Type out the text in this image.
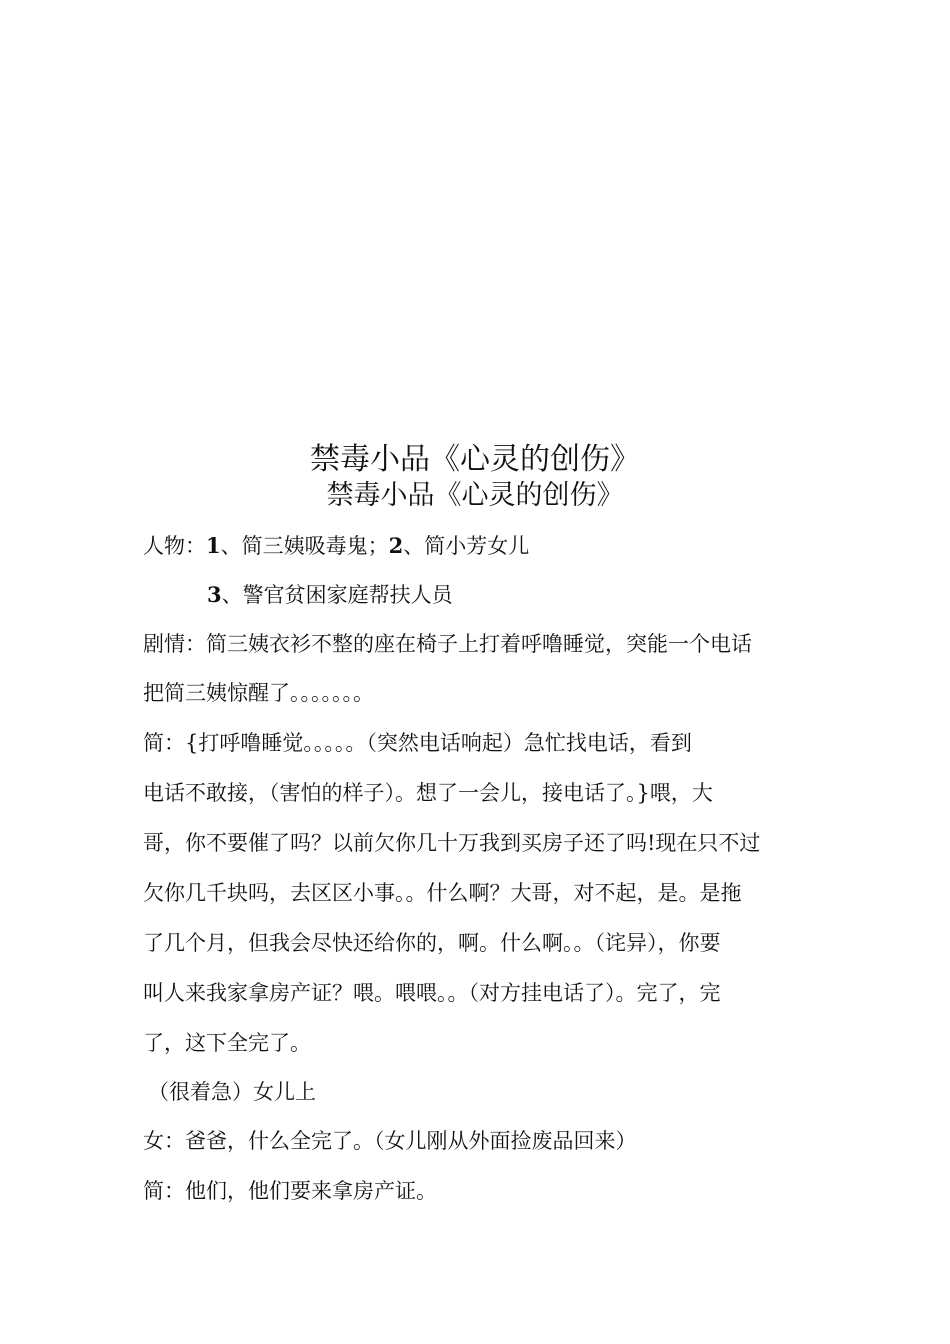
禁毒小品《心灵的创伤》
禁毒小品《心灵的创伤》
人物：1、简三姨吸毒鬼；2、简小芳女儿
3、警官贫困家庭帮扶人员
剧情：简三姨衣衫不整的座在椅子上打着呼噜睡觉，突能一个电话
把简三姨惊醒了。。。。。。。
简：{打呼噜睡觉。。。。。（突然电话响起）急忙找电话，看到
电话不敢接，（害怕的样子）。想了一会儿，接电话了。}喂，大
哥，你不要催了吗？以前欠你几十万我到买房子还了吗!现在只不过
欠你几千块吗，去区区小事。。什么啊？大哥，对不起，是。是拖
了几个月，但我会尽快还给你的，啊。什么啊。。（诧异），你要
叫人来我家拿房产证？喂。喂喂。。（对方挂电话了）。完了，完
了，这下全完了。
（很着急）女儿上
女：爸爸，什么全完了。（女儿刚从外面捡废品回来）
简：他们，他们要来拿房产证。
